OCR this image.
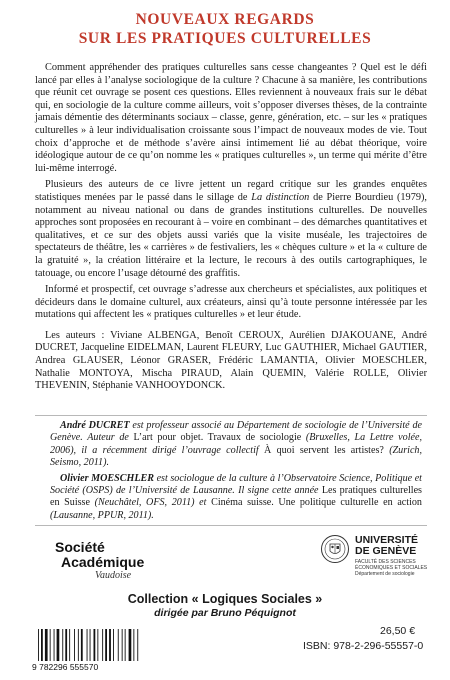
NOUVEAUX REGARDS
SUR LES PRATIQUES CULTURELLES

Comment appréhender des pratiques culturelles sans cesse changeantes ? Quel est le défi lancé par elles à l’analyse sociologique de la culture ? Chacune à sa manière, les contributions que réunit cet ouvrage se posent ces questions. Elles reviennent à nouveaux frais sur le débat qui, en sociologie de la culture comme ailleurs, voit s’opposer diverses thèses, de la contrainte jamais démentie des déterminants sociaux – classe, genre, génération, etc. – sur les « pratiques culturelles » à leur individualisation croissante sous l’impact de nouveaux modes de vie. Tout choix d’approche et de méthode s’avère ainsi intimement lié au débat théorique, voire idéologique autour de ce qu’on nomme les « pratiques culturelles », un terme qui mérite d’être lui-même interrogé.

Plusieurs des auteurs de ce livre jettent un regard critique sur les grandes enquêtes statistiques menées par le passé dans le sillage de La distinction de Pierre Bourdieu (1979), notamment au niveau national ou dans de grandes institutions culturelles. De nouvelles approches sont proposées en recourant à – voire en combinant – des démarches quantitatives et qualitatives, et ce sur des objets aussi variés que la visite muséale, les trajectoires de spectateurs de théâtre, les « carrières » de festivaliers, les « chèques culture » et la « culture de la gratuité », la création littéraire et la lecture, le recours à des outils cartographiques, le tatouage, ou encore l’usage détourné des graffitis.

Informé et prospectif, cet ouvrage s’adresse aux chercheurs et spécialistes, aux politiques et décideurs dans le domaine culturel, aux créateurs, ainsi qu’à toute personne intéressée par les mutations qui affectent les « pratiques culturelles » et leur étude.

Les auteurs : Viviane ALBENGA, Benoît CEROUX, Aurélien DJAKOUANE, André DUCRET, Jacqueline EIDELMAN, Laurent FLEURY, Luc GAUTHIER, Michael GAUTIER, Andrea GLAUSER, Léonor GRASER, Frédéric LAMANTIA, Olivier MOESCHLER, Nathalie MONTOYA, Mischa PIRAUD, Alain QUEMIN, Valérie ROLLE, Olivier THEVENIN, Stéphanie VANHOOYDONCK.

André DUCRET est professeur associé au Département de sociologie de l’Université de Genève. Auteur de L’art pour objet. Travaux de sociologie (Bruxelles, La Lettre volée, 2006), il a récemment dirigé l’ouvrage collectif À quoi servent les artistes? (Zurich, Seismo, 2011).

Olivier MOESCHLER est sociologue de la culture à l’Observatoire Science, Politique et Société (OSPS) de l’Université de Lausanne. Il signe cette année Les pratiques culturelles en Suisse (Neuchâtel, OFS, 2011) et Cinéma suisse. Une politique culturelle en action (Lausanne, PPUR, 2011).

Société
Académique
Vaudoise
UNIVERSITÉ
DE GENÈVE
FACULTÉ DES SCIENCES ÉCONOMIQUES ET SOCIALES Département de sociologie
Collection « Logiques Sociales »
dirigée par Bruno Péquignot
9 782296 555570
26,50 €
ISBN: 978-2-296-55557-0
